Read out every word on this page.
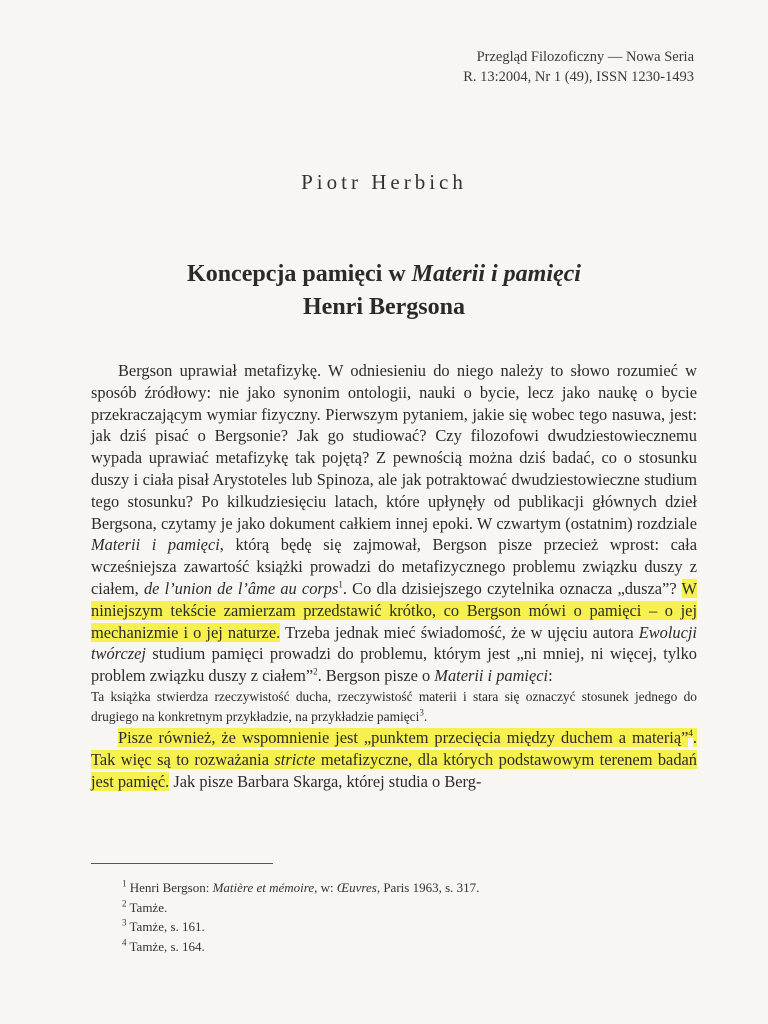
Przegląd Filozoficzny — Nowa Seria
R. 13:2004, Nr 1 (49), ISSN 1230-1493
Piotr Herbich
Koncepcja pamięci w Materii i pamięci
Henri Bergsona

Bergson uprawiał metafizykę. W odniesieniu do niego należy to słowo rozumieć w sposób źródłowy: nie jako synonim ontologii, nauki o bycie, lecz jako naukę o bycie przekraczającym wymiar fizyczny. Pierwszym pytaniem, jakie się wobec tego nasuwa, jest: jak dziś pisać o Bergsonie? Jak go studiować? Czy filozofowi dwudziestowiecznemu wypada uprawiać metafizykę tak pojętą? Z pewnością można dziś badać, co o stosunku duszy i ciała pisał Arystoteles lub Spinoza, ale jak potraktować dwudziestowieczne studium tego stosunku? Po kilkudziesięciu latach, które upłynęły od publikacji głównych dzieł Bergsona, czytamy je jako dokument całkiem innej epoki. W czwartym (ostatnim) rozdziale Materii i pamięci, którą będę się zajmował, Bergson pisze przecież wprost: cała wcześniejsza zawartość książki prowadzi do metafizycznego problemu związku duszy z ciałem, de l’union de l’âme au corps$^1$. Co dla dzisiejszego czytelnika oznacza „dusza”? W niniejszym tekście zamierzam przedstawić krótko, co Bergson mówi o pamięci – o jej mechanizmie i o jej naturze. Trzeba jednak mieć świadomość, że w ujęciu autora Ewolucji twórczej studium pamięci prowadzi do problemu, którym jest „ni mniej, ni więcej, tylko problem związku duszy z ciałem”$^2$. Bergson pisze o Materii i pamięci:

Ta książka stwierdza rzeczywistość ducha, rzeczywistość materii i stara się oznaczyć stosunek jednego do drugiego na konkretnym przykładzie, na przykładzie pamięci$^3$.

Pisze również, że wspomnienie jest „punktem przecięcia między duchem a materią”$^4$. Tak więc są to rozważania stricte metafizyczne, dla których podstawowym terenem badań jest pamięć. Jak pisze Barbara Skarga, której studia o Berg-

$^1$ Henri Bergson: Matière et mémoire, w: Œuvres, Paris 1963, s. 317.
$^2$ Tamże.
$^3$ Tamże, s. 161.
$^4$ Tamże, s. 164.
